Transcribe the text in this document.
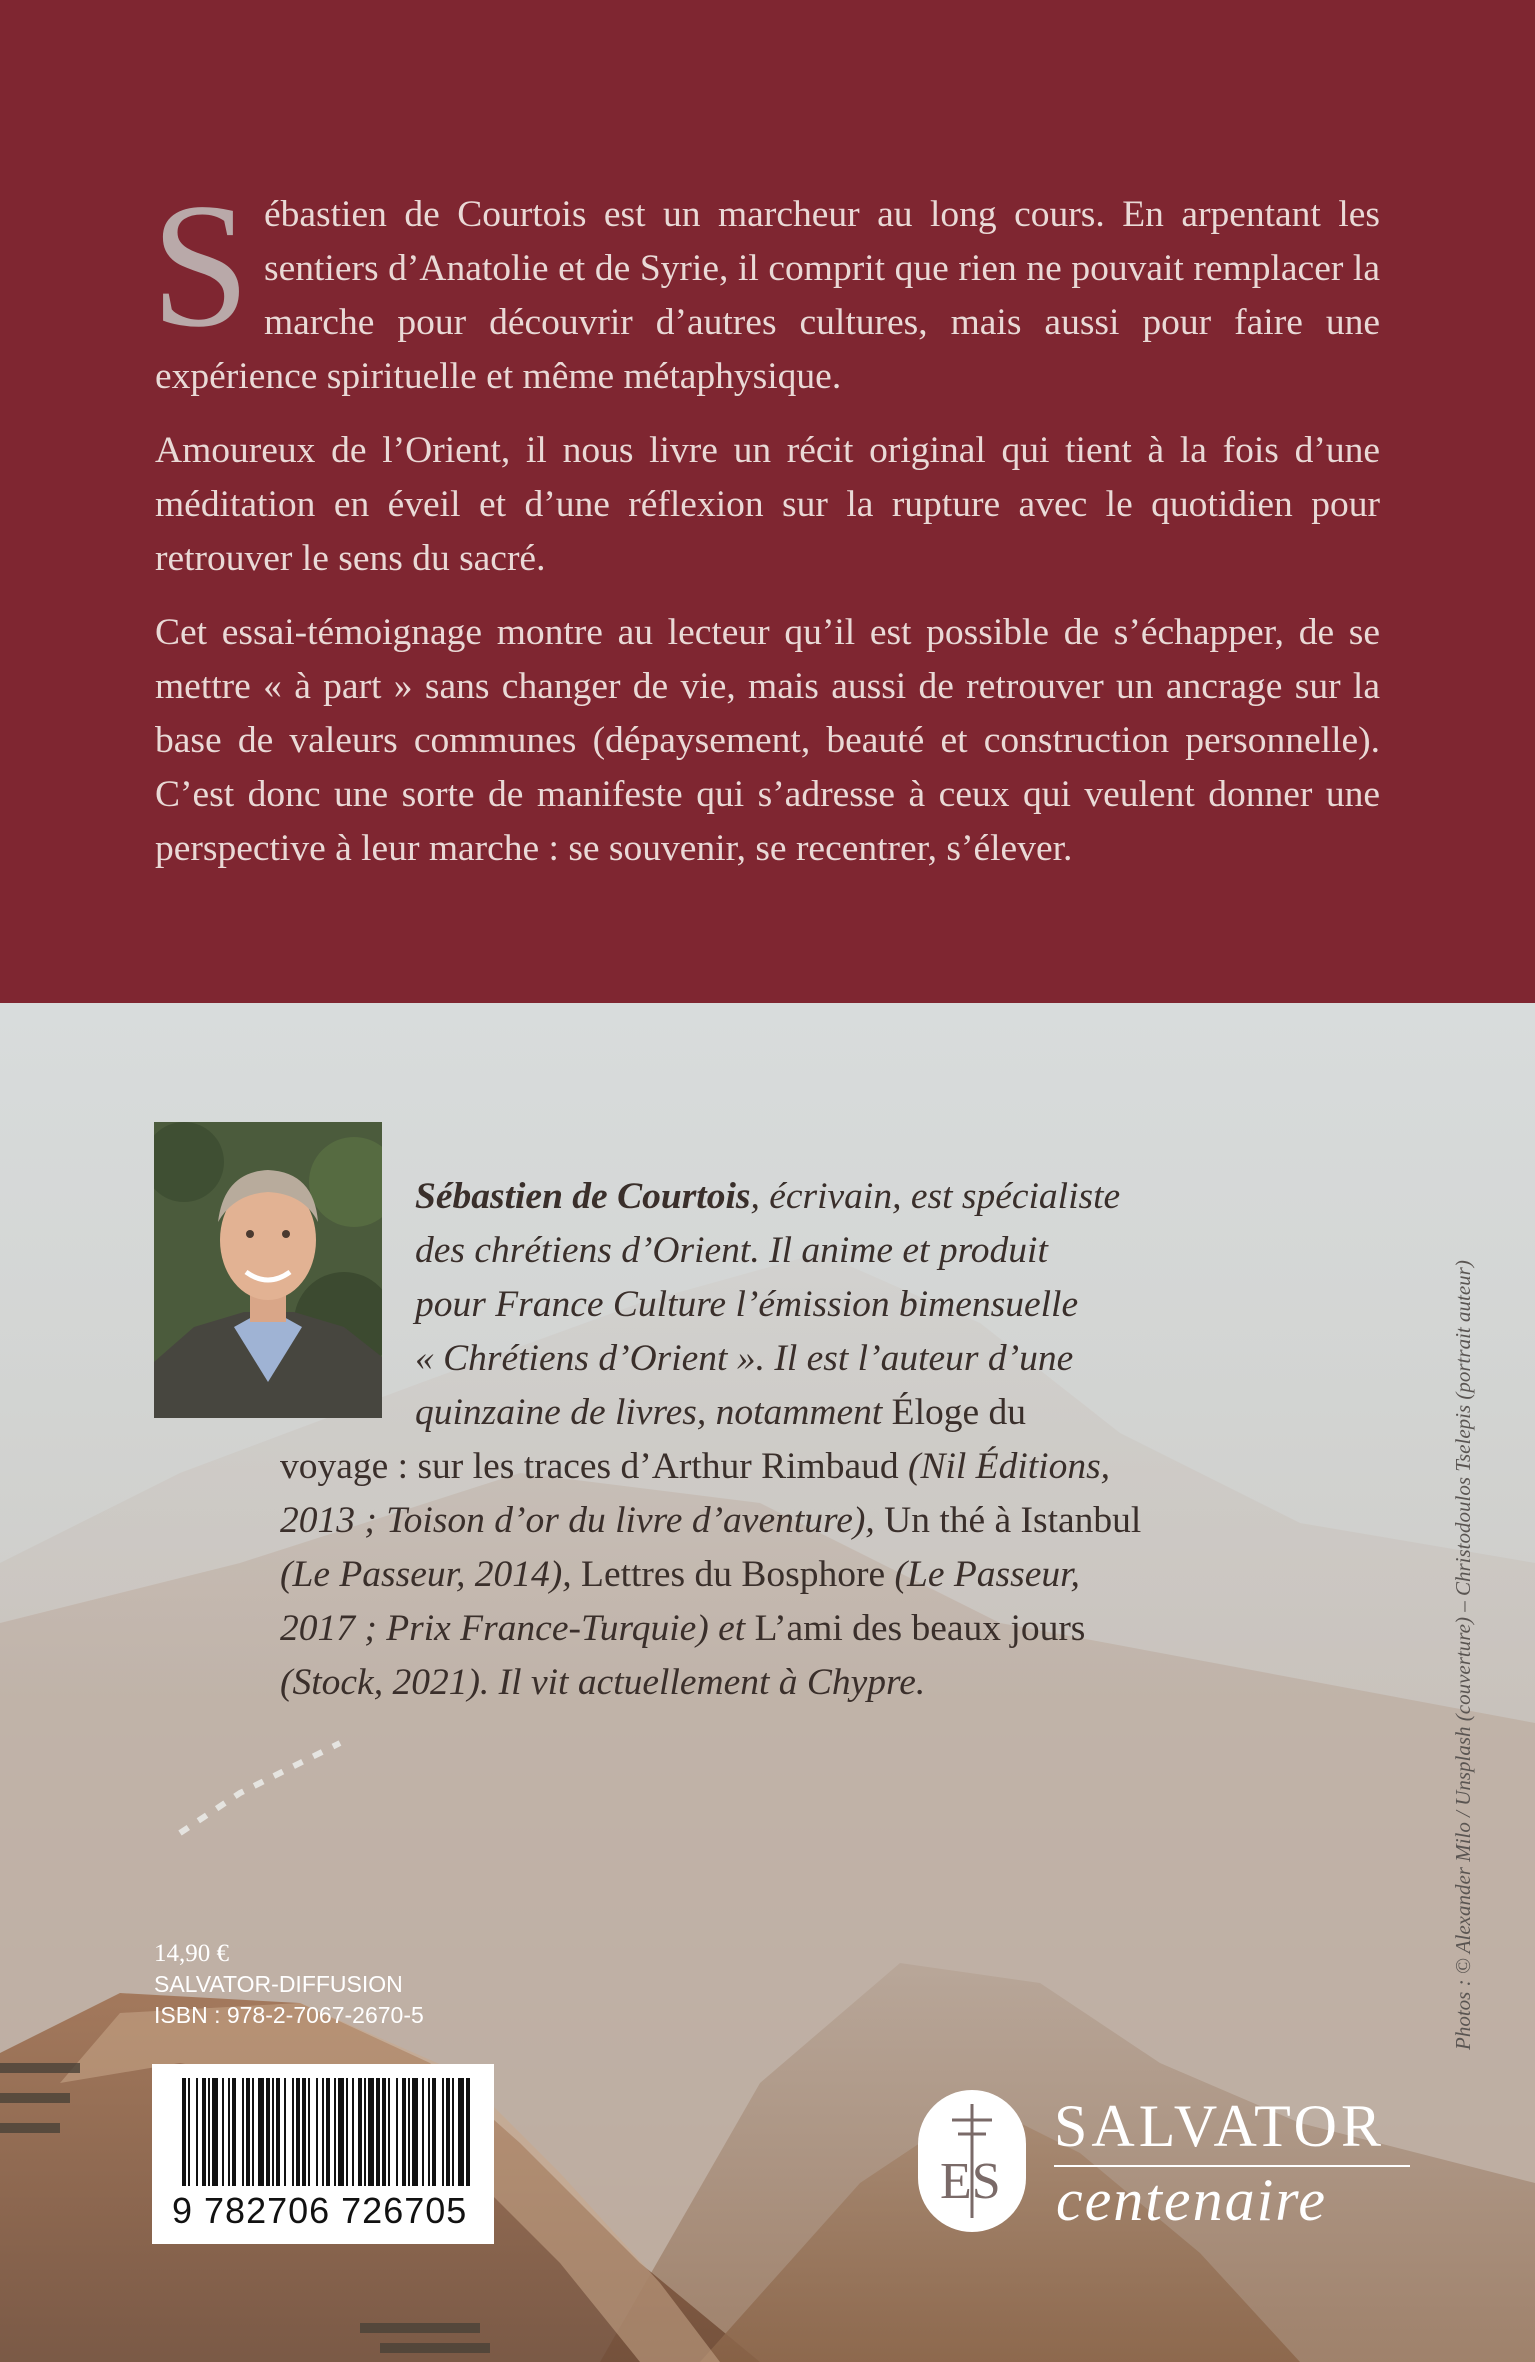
Sébastien de Courtois est un marcheur au long cours. En arpentant les sentiers d’Anatolie et de Syrie, il comprit que rien ne pouvait remplacer la marche pour découvrir d’autres cultures, mais aussi pour faire une expérience spirituelle et même métaphysique.

Amoureux de l’Orient, il nous livre un récit original qui tient à la fois d’une méditation en éveil et d’une réflexion sur la rupture avec le quotidien pour retrouver le sens du sacré.

Cet essai-témoignage montre au lecteur qu’il est possible de s’échapper, de se mettre « à part » sans changer de vie, mais aussi de retrouver un ancrage sur la base de valeurs communes (dépaysement, beauté et construction personnelle). C’est donc une sorte de manifeste qui s’adresse à ceux qui veulent donner une perspective à leur marche : se souvenir, se recentrer, s’élever.

Sébastien de Courtois, écrivain, est spécialiste
des chrétiens d’Orient. Il anime et produit
pour France Culture l’émission bimensuelle
« Chrétiens d’Orient ». Il est l’auteur d’une
quinzaine de livres, notamment Éloge du
voyage : sur les traces d’Arthur Rimbaud (Nil Éditions,
2013 ; Toison d’or du livre d’aventure), Un thé à Istanbul
(Le Passeur, 2014), Lettres du Bosphore (Le Passeur,
2017 ; Prix France-Turquie) et L’ami des beaux jours
(Stock, 2021). Il vit actuellement à Chypre.	Photos : © Alexander Milo / Unsplash (couverture) – Christodoulos Tselepis (portrait auteur)
14,90 €
SALVATOR-DIFFUSION
ISBN : 978-2-7067-2670-5
9 782706 726705
ES
SALVATOR
centenaire
